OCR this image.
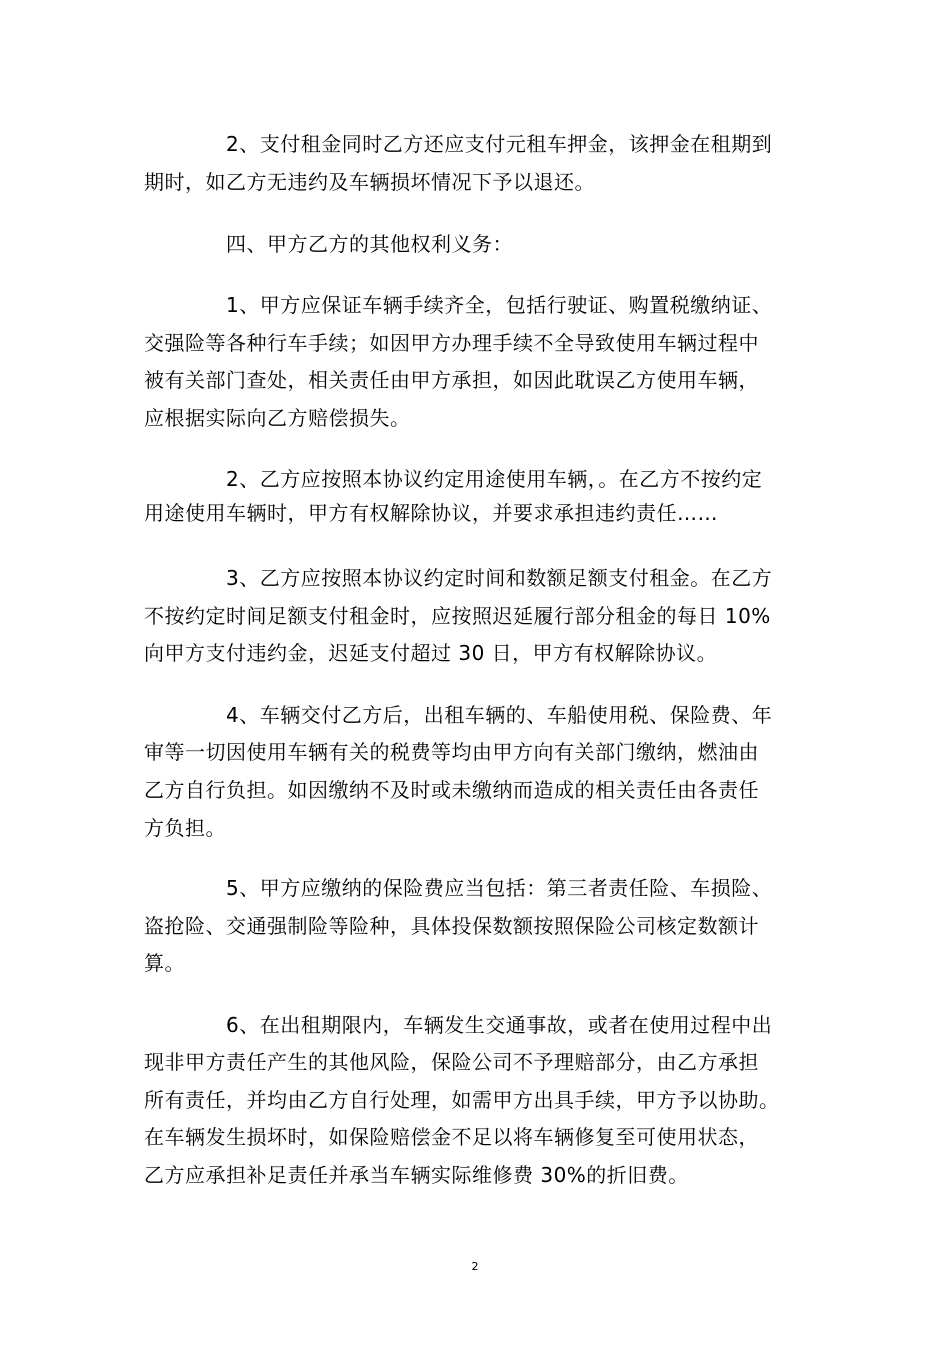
2、支付租金同时乙方还应支付元租车押金，该押金在租期到
期时，如乙方无违约及车辆损坏情况下予以退还。
四、甲方乙方的其他权利义务：
1、甲方应保证车辆手续齐全，包括行驶证、购置税缴纳证、
交强险等各种行车手续；如因甲方办理手续不全导致使用车辆过程中
被有关部门查处，相关责任由甲方承担，如因此耽误乙方使用车辆，
应根据实际向乙方赔偿损失。
2、乙方应按照本协议约定用途使用车辆，。在乙方不按约定
用途使用车辆时，甲方有权解除协议，并要求承担违约责任……
3、乙方应按照本协议约定时间和数额足额支付租金。在乙方
不按约定时间足额支付租金时，应按照迟延履行部分租金的每日 10%
向甲方支付违约金，迟延支付超过 30 日，甲方有权解除协议。
4、车辆交付乙方后，出租车辆的、车船使用税、保险费、年
审等一切因使用车辆有关的税费等均由甲方向有关部门缴纳，燃油由
乙方自行负担。如因缴纳不及时或未缴纳而造成的相关责任由各责任
方负担。
5、甲方应缴纳的保险费应当包括：第三者责任险、车损险、
盗抢险、交通强制险等险种，具体投保数额按照保险公司核定数额计
算。
6、在出租期限内，车辆发生交通事故，或者在使用过程中出
现非甲方责任产生的其他风险，保险公司不予理赔部分，由乙方承担
所有责任，并均由乙方自行处理，如需甲方出具手续，甲方予以协助。
在车辆发生损坏时，如保险赔偿金不足以将车辆修复至可使用状态，
乙方应承担补足责任并承当车辆实际维修费 30%的折旧费。
2
